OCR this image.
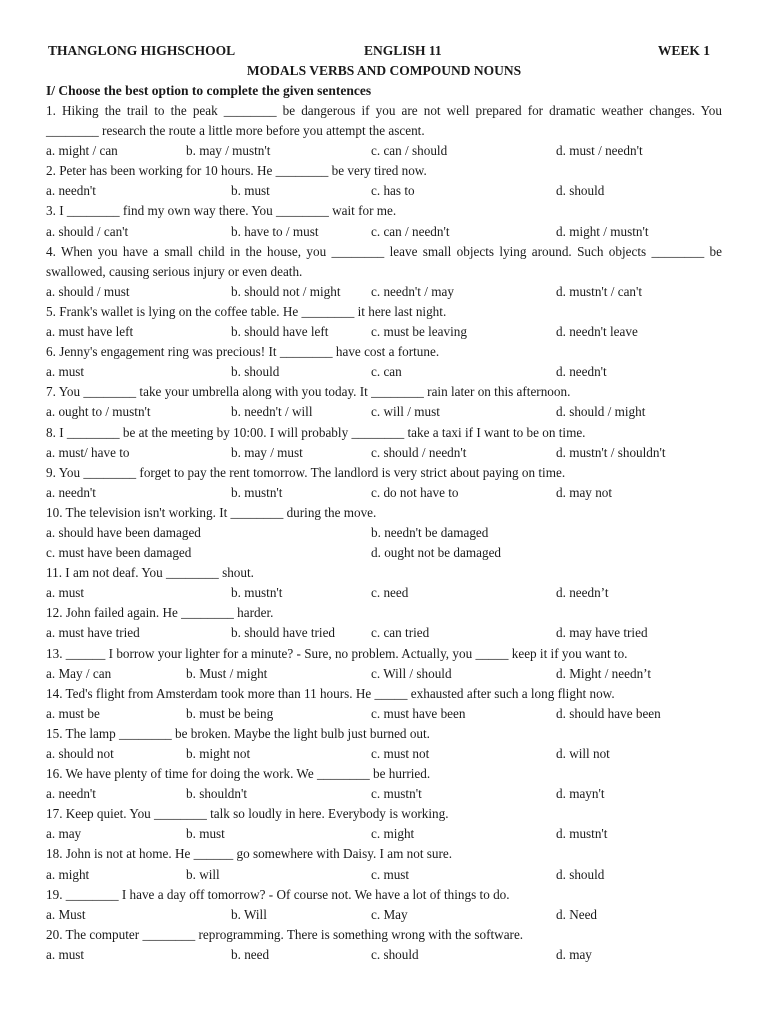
THANGLONG HIGHSCHOOL	ENGLISH 11	WEEK 1
MODALS VERBS AND COMPOUND NOUNS
I/ Choose the best option to complete the given sentences
1. Hiking the trail to the peak ________ be dangerous if you are not well prepared for dramatic weather changes. You ________ research the route a little more before you attempt the ascent.
a. might / can	b. may / mustn't	c. can / should	d. must / needn't
2. Peter has been working for 10 hours. He ________ be very tired now.
a. needn't	b. must	c. has to	d. should
3. I ________ find my own way there. You ________ wait for me.
a. should / can't	b. have to / must	c. can / needn't	d. might / mustn't
4. When you have a small child in the house, you ________ leave small objects lying around. Such objects ________ be swallowed, causing serious injury or even death.
a. should / must	b. should not / might c. needn't / may	d. mustn't / can't
5. Frank's wallet is lying on the coffee table. He ________ it here last night.
a. must have left	b. should have left	c. must be leaving	d. needn't leave
6. Jenny's engagement ring was precious! It ________ have cost a fortune.
a. must	b. should	c. can	d. needn't
7. You ________ take your umbrella along with you today. It ________ rain later on this afternoon.
a. ought to / mustn't	b. needn't / will	c. will / must	d. should / might
8. I ________ be at the meeting by 10:00. I will probably ________ take a taxi if I want to be on time.
a. must/ have to	b. may / must	c. should / needn't	d. mustn't / shouldn't
9. You ________ forget to pay the rent tomorrow. The landlord is very strict about paying on time.
a. needn't	b. mustn't	c. do not have to	d. may not
10. The television isn't working. It ________ during the move.
a. should have been damaged	b. needn't be damaged
c. must have been damaged	d. ought not be damaged
11. I am not deaf. You ________ shout.
a. must	b. mustn't	c. need	d. needn’t
12. John failed again. He ________ harder.
a. must have tried	b. should have tried	c. can tried	d. may have tried
13. ______ I borrow your lighter for a minute? - Sure, no problem. Actually, you _____ keep it if you want to.
a. May / can	b. Must / might	c. Will / should	d. Might / needn’t
14. Ted's flight from Amsterdam took more than 11 hours. He _____ exhausted after such a long flight now.
a. must be	b. must be being	c. must have been	d. should have been
15. The lamp ________ be broken. Maybe the light bulb just burned out.
a. should not	b. might not	c. must not	d. will not
16. We have plenty of time for doing the work. We ________ be hurried.
a. needn't	b. shouldn't	c. mustn't	d. mayn't
17. Keep quiet. You ________ talk so loudly in here. Everybody is working.
a. may	b. must	c. might	d. mustn't
18. John is not at home. He ______ go somewhere with Daisy. I am not sure.
a. might	b. will	c. must	d. should
19. ________ I have a day off tomorrow? - Of course not. We have a lot of things to do.
a. Must	b. Will	c. May	d. Need
20. The computer ________ reprogramming. There is something wrong with the software.
a. must	b. need	c. should	d. may
